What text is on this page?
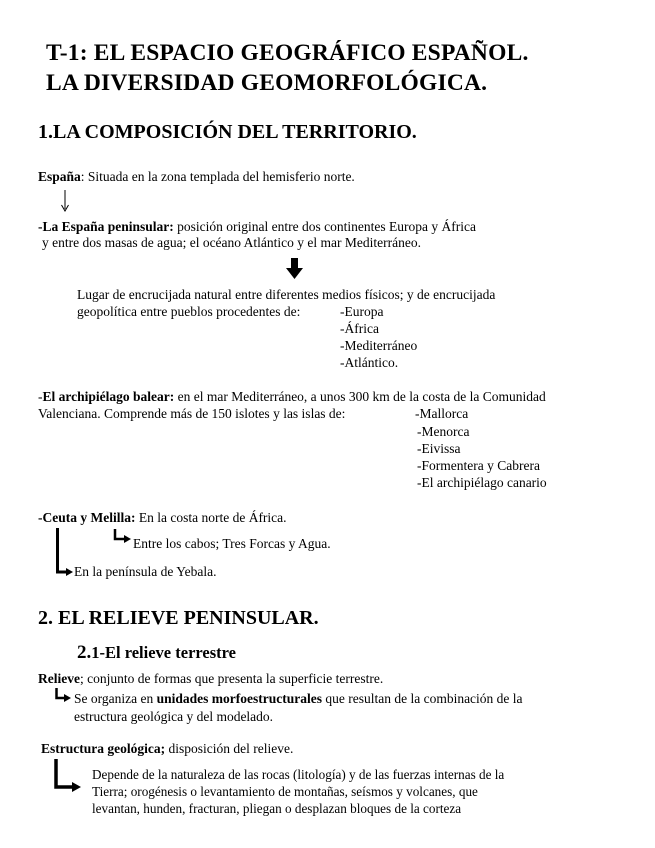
T-1: EL ESPACIO GEOGRÁFICO ESPAÑOL.
LA DIVERSIDAD GEOMORFOLÓGICA.
1.LA COMPOSICIÓN DEL TERRITORIO.
España: Situada en la zona templada del hemisferio norte.
-La España peninsular: posición original entre dos continentes Europa y África
y entre dos masas de agua; el océano Atlántico y el mar Mediterráneo.
Lugar de encrucijada natural entre diferentes medios físicos; y de encrucijada
geopolítica entre pueblos procedentes de:	-Europa
-África
-Mediterráneo
-Atlántico.
-El archipiélago balear: en el mar Mediterráneo, a unos 300 km de la costa de la Comunidad
Valenciana. Comprende más de 150 islotes y las islas de:	-Mallorca
-Menorca
-Eivissa
-Formentera y Cabrera
-El archipiélago canario
-Ceuta y Melilla: En la costa norte de África.
Entre los cabos; Tres Forcas y Agua.
En la península de Yebala.
2. EL RELIEVE PENINSULAR.
2.1-El relieve terrestre
Relieve; conjunto de formas que presenta la superficie terrestre.
Se organiza en unidades morfoestructurales que resultan de la combinación de la
estructura geológica y del modelado.
Estructura geológica; disposición del relieve.
Depende de la naturaleza de las rocas (litología) y de las fuerzas internas de la
Tierra; orogénesis o levantamiento de montañas, seísmos y volcanes, que
levantan, hunden, fracturan, pliegan o desplazan bloques de la corteza
